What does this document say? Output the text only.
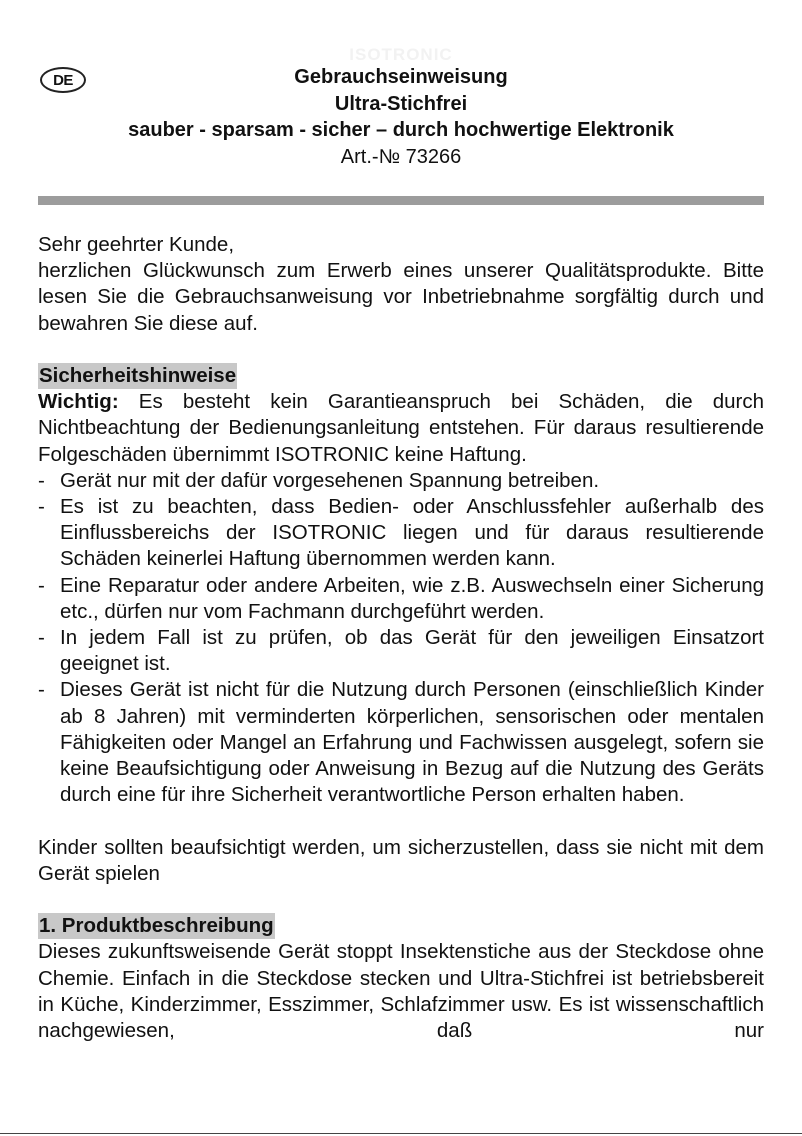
ISOTRONIC
DE	Gebrauchseinweisung
Ultra-Stichfrei
sauber - sparsam - sicher – durch hochwertige Elektronik
Art.-№ 73266

Sehr geehrter Kunde,

herzlichen Glückwunsch zum Erwerb eines unserer Qualitätsprodukte. Bitte lesen Sie die Gebrauchsanweisung vor Inbetriebnahme sorgfältig durch und bewahren Sie diese auf.

Sicherheitshinweise

Wichtig: Es besteht kein Garantieanspruch bei Schäden, die durch Nichtbeachtung der Bedienungsanleitung entstehen. Für daraus resultierende Folgeschäden übernimmt ISOTRONIC keine Haftung.

- Gerät nur mit der dafür vorgesehenen Spannung betreiben.

- Es ist zu beachten, dass Bedien- oder Anschlussfehler außerhalb des Einflussbereichs der ISOTRONIC liegen und für daraus resultierende Schäden keinerlei Haftung übernommen werden kann.

- Eine Reparatur oder andere Arbeiten, wie z.B. Auswechseln einer Sicherung etc., dürfen nur vom Fachmann durchgeführt werden.

- In jedem Fall ist zu prüfen, ob das Gerät für den jeweiligen Einsatzort geeignet ist.

- Dieses Gerät ist nicht für die Nutzung durch Personen (einschließlich Kinder ab 8 Jahren) mit verminderten körperlichen, sensorischen oder mentalen Fähigkeiten oder Mangel an Erfahrung und Fachwissen ausgelegt, sofern sie keine Beaufsichtigung oder Anweisung in Bezug auf die Nutzung des Geräts durch eine für ihre Sicherheit verantwortliche Person erhalten haben.

Kinder sollten beaufsichtigt werden, um sicherzustellen, dass sie nicht mit dem Gerät spielen

1. Produktbeschreibung

Dieses zukunftsweisende Gerät stoppt Insektenstiche aus der Steckdose ohne Chemie. Einfach in die Steckdose stecken und Ultra-Stichfrei ist betriebsbereit in Küche, Kinderzimmer, Esszimmer, Schlafzimmer usw. Es ist wissenschaftlich nachgewiesen, daß nur
